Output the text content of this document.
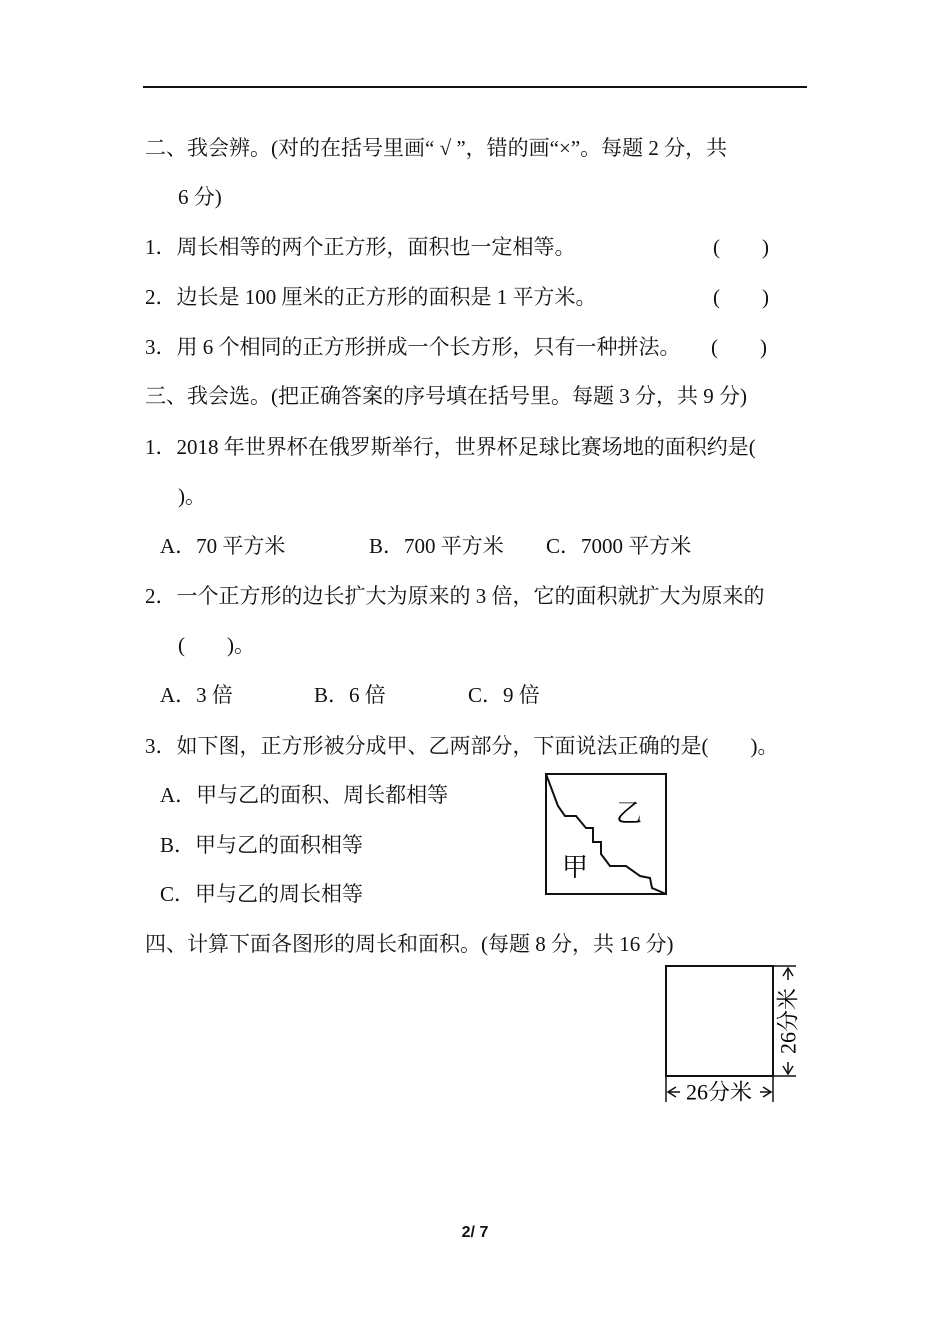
二、我会辨。(对的在括号里画“ √ ”，错的画“×”。每题 2 分，共
6 分)
1．周长相等的两个正方形，面积也一定相等。	(　　)
2．边长是 100 厘米的正方形的面积是 1 平方米。	(　　)
3．用 6 个相同的正方形拼成一个长方形，只有一种拼法。 (　　)
三、我会选。(把正确答案的序号填在括号里。每题 3 分，共 9 分)
1．2018 年世界杯在俄罗斯举行，世界杯足球比赛场地的面积约是(
)。
A．70 平方米	B．700 平方米 C．7000 平方米
2．一个正方形的边长扩大为原来的 3 倍，它的面积就扩大为原来的
(　　)。
A．3 倍	B．6 倍	C．9 倍
3．如下图，正方形被分成甲、乙两部分，下面说法正确的是(　　)。
A．甲与乙的面积、周长都相等
B．甲与乙的面积相等
C．甲与乙的周长相等
乙
甲
四、计算下面各图形的周长和面积。(每题 8 分，共 16 分)
26分米
26分米
2/ 7
